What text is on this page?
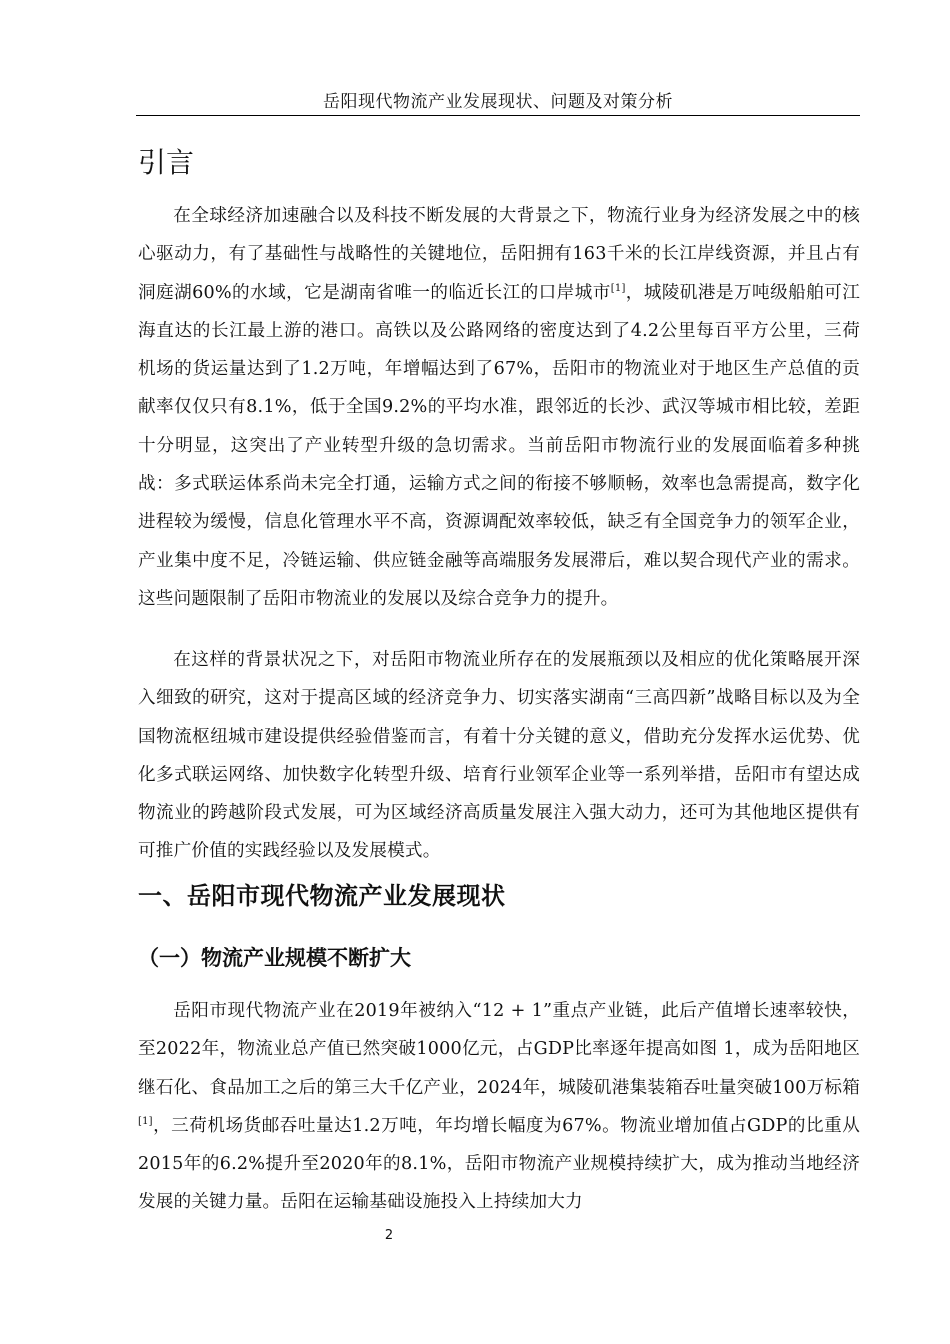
岳阳现代物流产业发展现状、问题及对策分析
引言

在全球经济加速融合以及科技不断发展的大背景之下，物流行业身为经济发展之中的核心驱动力，有了基础性与战略性的关键地位，岳阳拥有163千米的长江岸线资源，并且占有洞庭湖60%的水域，它是湖南省唯一的临近长江的口岸城市[1]，城陵矶港是万吨级船舶可江海直达的长江最上游的港口。高铁以及公路网络的密度达到了4.2公里每百平方公里，三荷机场的货运量达到了1.2万吨，年增幅达到了67%，岳阳市的物流业对于地区生产总值的贡献率仅仅只有8.1%，低于全国9.2%的平均水准，跟邻近的长沙、武汉等城市相比较，差距十分明显，这突出了产业转型升级的急切需求。当前岳阳市物流行业的发展面临着多种挑战：多式联运体系尚未完全打通，运输方式之间的衔接不够顺畅，效率也急需提高，数字化进程较为缓慢，信息化管理水平不高，资源调配效率较低，缺乏有全国竞争力的领军企业，产业集中度不足，冷链运输、供应链金融等高端服务发展滞后，难以契合现代产业的需求。这些问题限制了岳阳市物流业的发展以及综合竞争力的提升。

在这样的背景状况之下，对岳阳市物流业所存在的发展瓶颈以及相应的优化策略展开深入细致的研究，这对于提高区域的经济竞争力、切实落实湖南“三高四新”战略目标以及为全国物流枢纽城市建设提供经验借鉴而言，有着十分关键的意义，借助充分发挥水运优势、优化多式联运网络、加快数字化转型升级、培育行业领军企业等一系列举措，岳阳市有望达成物流业的跨越阶段式发展，可为区域经济高质量发展注入强大动力，还可为其他地区提供有可推广价值的实践经验以及发展模式。

一、岳阳市现代物流产业发展现状
（一）物流产业规模不断扩大

岳阳市现代物流产业在2019年被纳入“12 + 1”重点产业链，此后产值增长速率较快，至2022年，物流业总产值已然突破1000亿元，占GDP比率逐年提高如图 1，成为岳阳地区继石化、食品加工之后的第三大千亿产业，2024年，城陵矶港集装箱吞吐量突破100万标箱[1]，三荷机场货邮吞吐量达1.2万吨，年均增长幅度为67%。物流业增加值占GDP的比重从2015年的6.2%提升至2020年的8.1%，岳阳市物流产业规模持续扩大，成为推动当地经济发展的关键力量。岳阳在运输基础设施投入上持续加大力

2
